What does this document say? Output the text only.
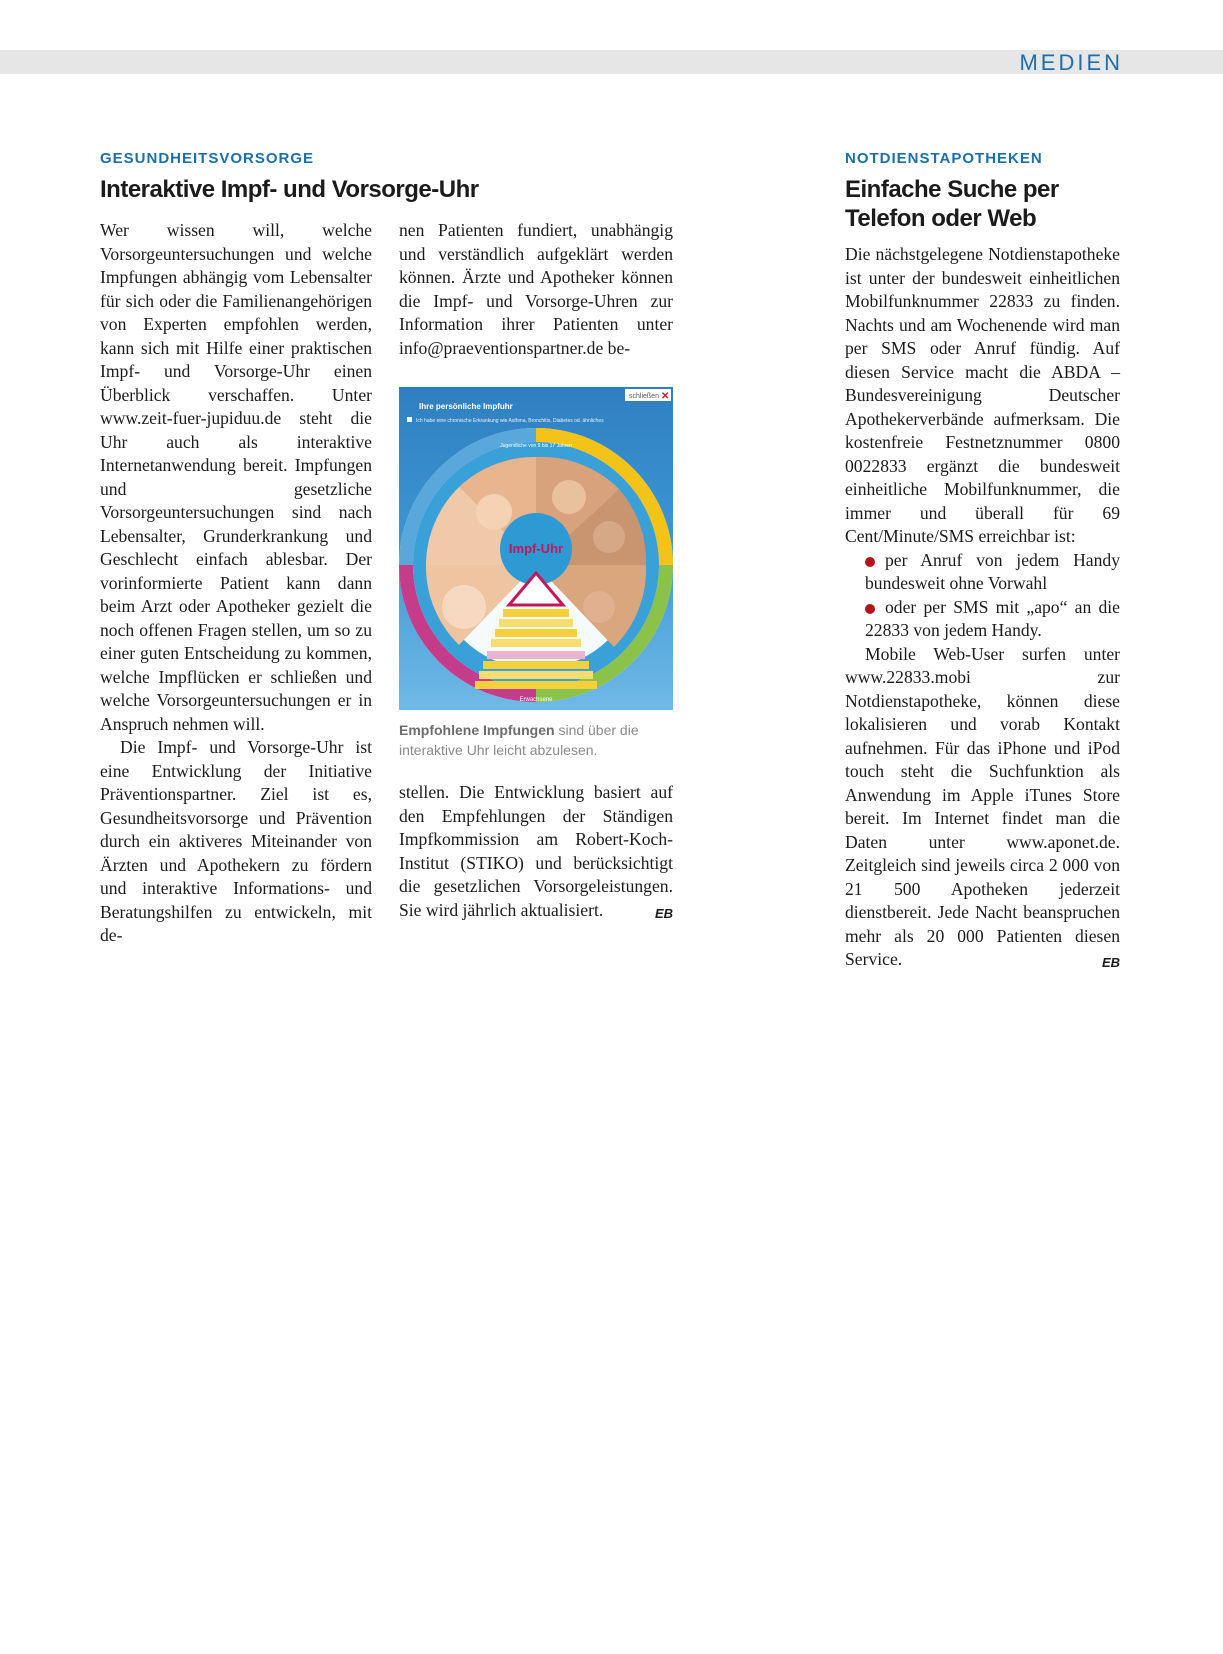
MEDIEN
GESUNDHEITSVORSORGE
Interaktive Impf- und Vorsorge-Uhr

Wer wissen will, welche Vorsorgeuntersuchungen und welche Impfungen abhängig vom Lebensalter für sich oder die Familienangehörigen von Experten empfohlen werden, kann sich mit Hilfe einer praktischen Impf- und Vorsorge-Uhr einen Überblick verschaffen. Unter www.zeit-fuer-jupiduu.de steht die Uhr auch als interaktive Internetanwendung bereit. Impfungen und gesetzliche Vorsorgeuntersuchungen sind nach Lebensalter, Grunderkrankung und Geschlecht einfach ablesbar. Der vorinformierte Patient kann dann beim Arzt oder Apotheker gezielt die noch offenen Fragen stellen, um so zu einer guten Entscheidung zu kommen, welche Impflücken er schließen und welche Vorsorgeuntersuchungen er in Anspruch nehmen will.

Die Impf- und Vorsorge-Uhr ist eine Entwicklung der Initiative Präventionspartner. Ziel ist es, Gesundheitsvorsorge und Prävention durch ein aktiveres Miteinander von Ärzten und Apothekern zu fördern und interaktive Informations- und Beratungshilfen zu entwickeln, mit de-

nen Patienten fundiert, unabhängig und verständlich aufgeklärt werden können. Ärzte und Apotheker können die Impf- und Vorsorge-Uhren zur Information ihrer Patienten unter info@praeventionspartner.de be-

schließen ✕
Ihre persönliche Impfuhr
Ich habe eine chronische Erkrankung wie Asthma, Bronchitis, Diabetes od. ähnliches
Impf-Uhr
Erwachsene
Jugendliche von 9 bis 17 Jahren
Empfohlene Impfungen sind über die interaktive Uhr leicht abzulesen.

stellen. Die Entwicklung basiert auf den Empfehlungen der Ständigen Impfkommission am Robert-Koch-Institut (STIKO) und berücksichtigt die gesetzlichen Vorsorgeleistungen. Sie wird jährlich aktualisiert.	EB

NOTDIENSTAPOTHEKEN
Einfache Suche per
Telefon oder Web

Die nächstgelegene Notdienstapotheke ist unter der bundesweit einheitlichen Mobilfunknummer 22833 zu finden. Nachts und am Wochenende wird man per SMS oder Anruf fündig. Auf diesen Service macht die ABDA – Bundesvereinigung Deutscher Apothekerverbände aufmerksam. Die kostenfreie Festnetznummer 0800 0022833 ergänzt die bundesweit einheitliche Mobilfunknummer, die immer und überall für 69 Cent/Minute/SMS erreichbar ist:

per Anruf von jedem Handy bundesweit ohne Vorwahl

oder per SMS mit „apo“ an die 22833 von jedem Handy.

Mobile Web-User surfen unter www.22833.mobi zur Notdienstapotheke, können diese lokalisieren und vorab Kontakt aufnehmen. Für das iPhone und iPod touch steht die Suchfunktion als Anwendung im Apple iTunes Store bereit. Im Internet findet man die Daten unter www.aponet.de. Zeitgleich sind jeweils circa 2 000 von 21 500 Apotheken jederzeit dienstbereit. Jede Nacht beanspruchen mehr als 20 000 Patienten diesen Service.	EB
